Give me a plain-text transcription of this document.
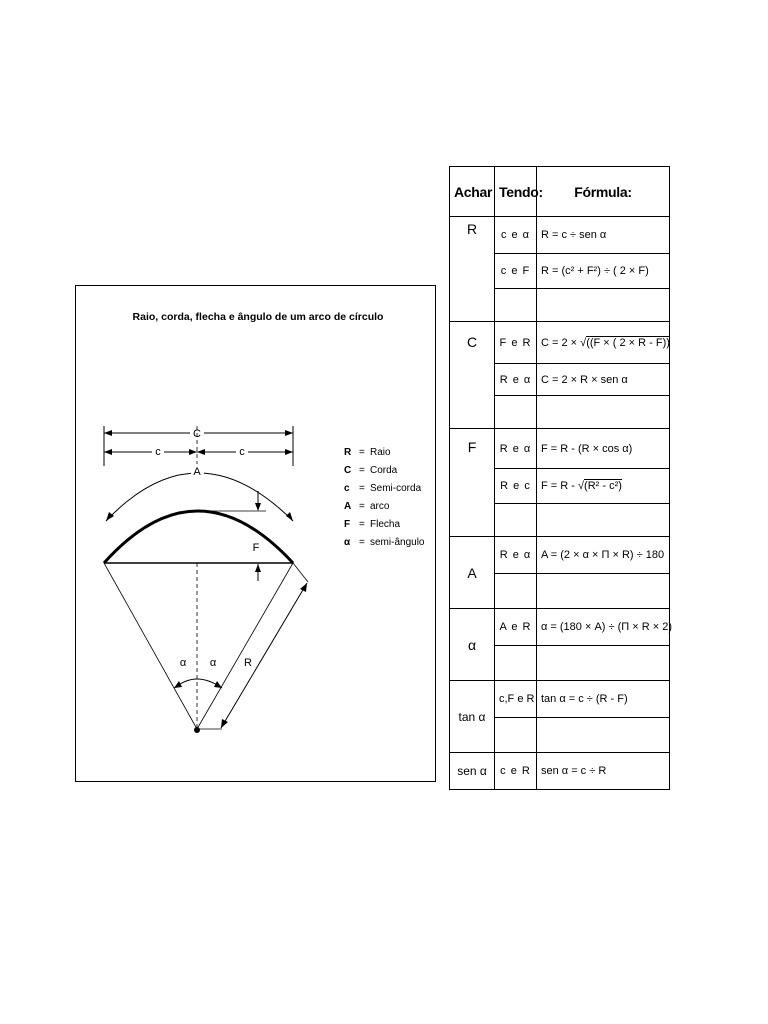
Raio, corda, flecha e ângulo de um arco de círculo
C
c	c
A
F
α α	R
R = Raio
C = Corda
c = Semi-corda
A = arco
F = Flecha
α = semi-ângulo
Achar	Tendo:	Fórmula:
R	c e α	R = c ÷ sen α
	c e F	R = (c² + F²) ÷ ( 2 × F)

C	F e R	C = 2 × √((F × ( 2 × R - F))
	R e α	C = 2 × R × sen α

F	R e α	F = R - (R × cos α)
	R e c	F = R - √(R² - c²)

A	R e α	A = (2 × α × Π × R) ÷ 180

α	A e R	α = (180 × A) ÷ (Π × R × 2)

tan α	c,F e R	tan α = c ÷ (R - F)

sen α	c e R	sen α = c ÷ R
